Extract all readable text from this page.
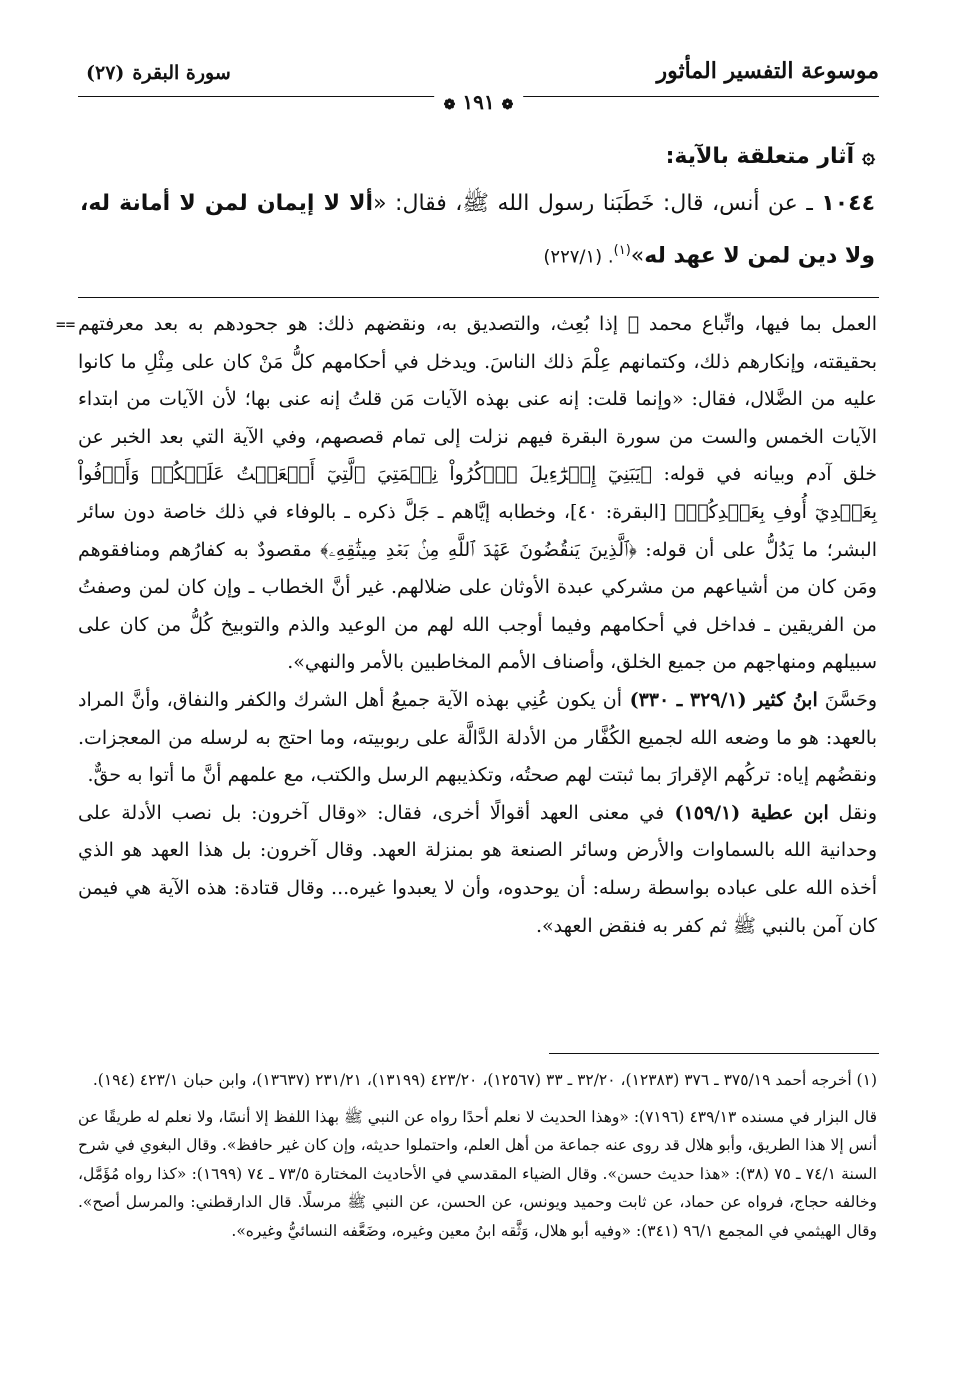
موسوعة التفسير المأثور
سورة البقرة(٢٧)
❁ ١٩١ ❁
۞آثار متعلقة بالآية:
١٠٤٤ ـ عن أنس، قال: خَطَبَنا رسول الله ﷺ، فقال: «ألا لا إيمان لمن لا أمانة له، ولا دين لمن لا عهد له»$^{(١)}$. (٢٢٧/١)
== العمل بما فيها، واتِّباع محمد ﷺ إذا بُعِث، والتصديق به، ونقضهم ذلك: هو جحودهم به بعد معرفتهم بحقيقته، وإنكارهم ذلك، وكتمانهم عِلْمَ ذلك الناسَ. ويدخل في أحكامهم كلُّ مَنْ كان على مِثْلِ ما كانوا عليه من الضَّلال، فقال: «وإنما قلت: إنه عنى بهذه الآيات مَن قلتُ إنه عنى بها؛ لأن الآيات من ابتداء الآيات الخمس والست من سورة البقرة فيهم نزلت إلى تمام قصصهم، وفي الآية التي بعد الخبر عن خلق آدم وبيانه في قوله: ﴿يَبَنِيٓ إِسۡرَٰٓءِيلَ ٱذۡكُرُواْ نِعۡمَتِيَ ٱلَّتِيٓ أَنۡعَمۡتُ عَلَيۡكُمۡ وَأَوۡفُواْ بِعَهۡدِيٓ أُوفِ بِعَهۡدِكُمۡ﴾ [البقرة: ٤٠]، وخطابه إيَّاهم ـ جَلَّ ذكره ـ بالوفاء في ذلك خاصة دون سائر البشر؛ ما يَدُلُّ على أن قوله: ﴿ٱلَّذِينَ يَنقُضُونَ عَهۡدَ ٱللَّهِ مِنۢ بَعۡدِ مِيثَٰقِهِۦ﴾ مقصودٌ به كفارُهم ومنافقوهم ومَن كان من أشياعهم من مشركي عبدة الأوثان على ضلالهم. غير أنَّ الخطاب ـ وإن كان لمن وصفتُ من الفريقين ـ فداخل في أحكامهم وفيما أوجب الله لهم من الوعيد والذم والتوبيخ كُلُّ من كان على سبيلهم ومنهاجهم من جميع الخلق، وأصناف الأمم المخاطبين بالأمر والنهي».

وحَسَّنَ ابنُ كثير (٣٢٩/١ ـ ٣٣٠) أن يكون عُنِي بهذه الآية جميعُ أهل الشرك والكفر والنفاق، وأنَّ المراد بالعهد: هو ما وضعه الله لجميع الكُفَّار من الأدلة الدَّالَّة على ربوبيته، وما احتج به لرسله من المعجزات. ونقضُهم إياه: تركُهم الإقرارَ بما ثبتت لهم صحتُه، وتكذيبهم الرسل والكتب، مع علمهم أنَّ ما أتوا به حقٌّ.

ونقل ابن عطية (١٥٩/١) في معنى العهد أقوالًا أخرى، فقال: «وقال آخرون: بل نصب الأدلة على وحدانية الله بالسماوات والأرض وسائر الصنعة هو بمنزلة العهد. وقال آخرون: بل هذا العهد هو الذي أخذه الله على عباده بواسطة رسله: أن يوحدوه، وأن لا يعبدوا غيره... وقال قتادة: هذه الآية هي فيمن كان آمن بالنبي ﷺ ثم كفر به فنقض العهد».

(١) أخرجه أحمد ٣٧٥/١٩ ـ ٣٧٦ (١٢٣٨٣)، ٣٢/٢٠ ـ ٣٣ (١٢٥٦٧)، ٤٢٣/٢٠ (١٣١٩٩)، ٢٣١/٢١ (١٣٦٣٧)، وابن حبان ٤٢٣/١ (١٩٤).

قال البزار في مسنده ٤٣٩/١٣ (٧١٩٦): «وهذا الحديث لا نعلم أحدًا رواه عن النبي ﷺ بهذا اللفظ إلا أنسًا، ولا نعلم له طريقًا عن أنس إلا هذا الطريق، وأبو هلال قد روى عنه جماعة من أهل العلم، واحتملوا حديثه، وإن كان غير حافظ». وقال البغوي في شرح السنة ٧٤/١ ـ ٧٥ (٣٨): «هذا حديث حسن». وقال الضياء المقدسي في الأحاديث المختارة ٧٣/٥ ـ ٧٤ (١٦٩٩): «كذا رواه مُؤَمَّل، وخالفه حجاج، فرواه عن حماد، عن ثابت وحميد ويونس، عن الحسن، عن النبي ﷺ مرسلًا. قال الدارقطني: والمرسل أصح». وقال الهيثمي في المجمع ٩٦/١ (٣٤١): «وفيه أبو هلال، وَثَّقه ابنُ معين وغيره، وضَعَّفه النسائيُّ وغيره».
